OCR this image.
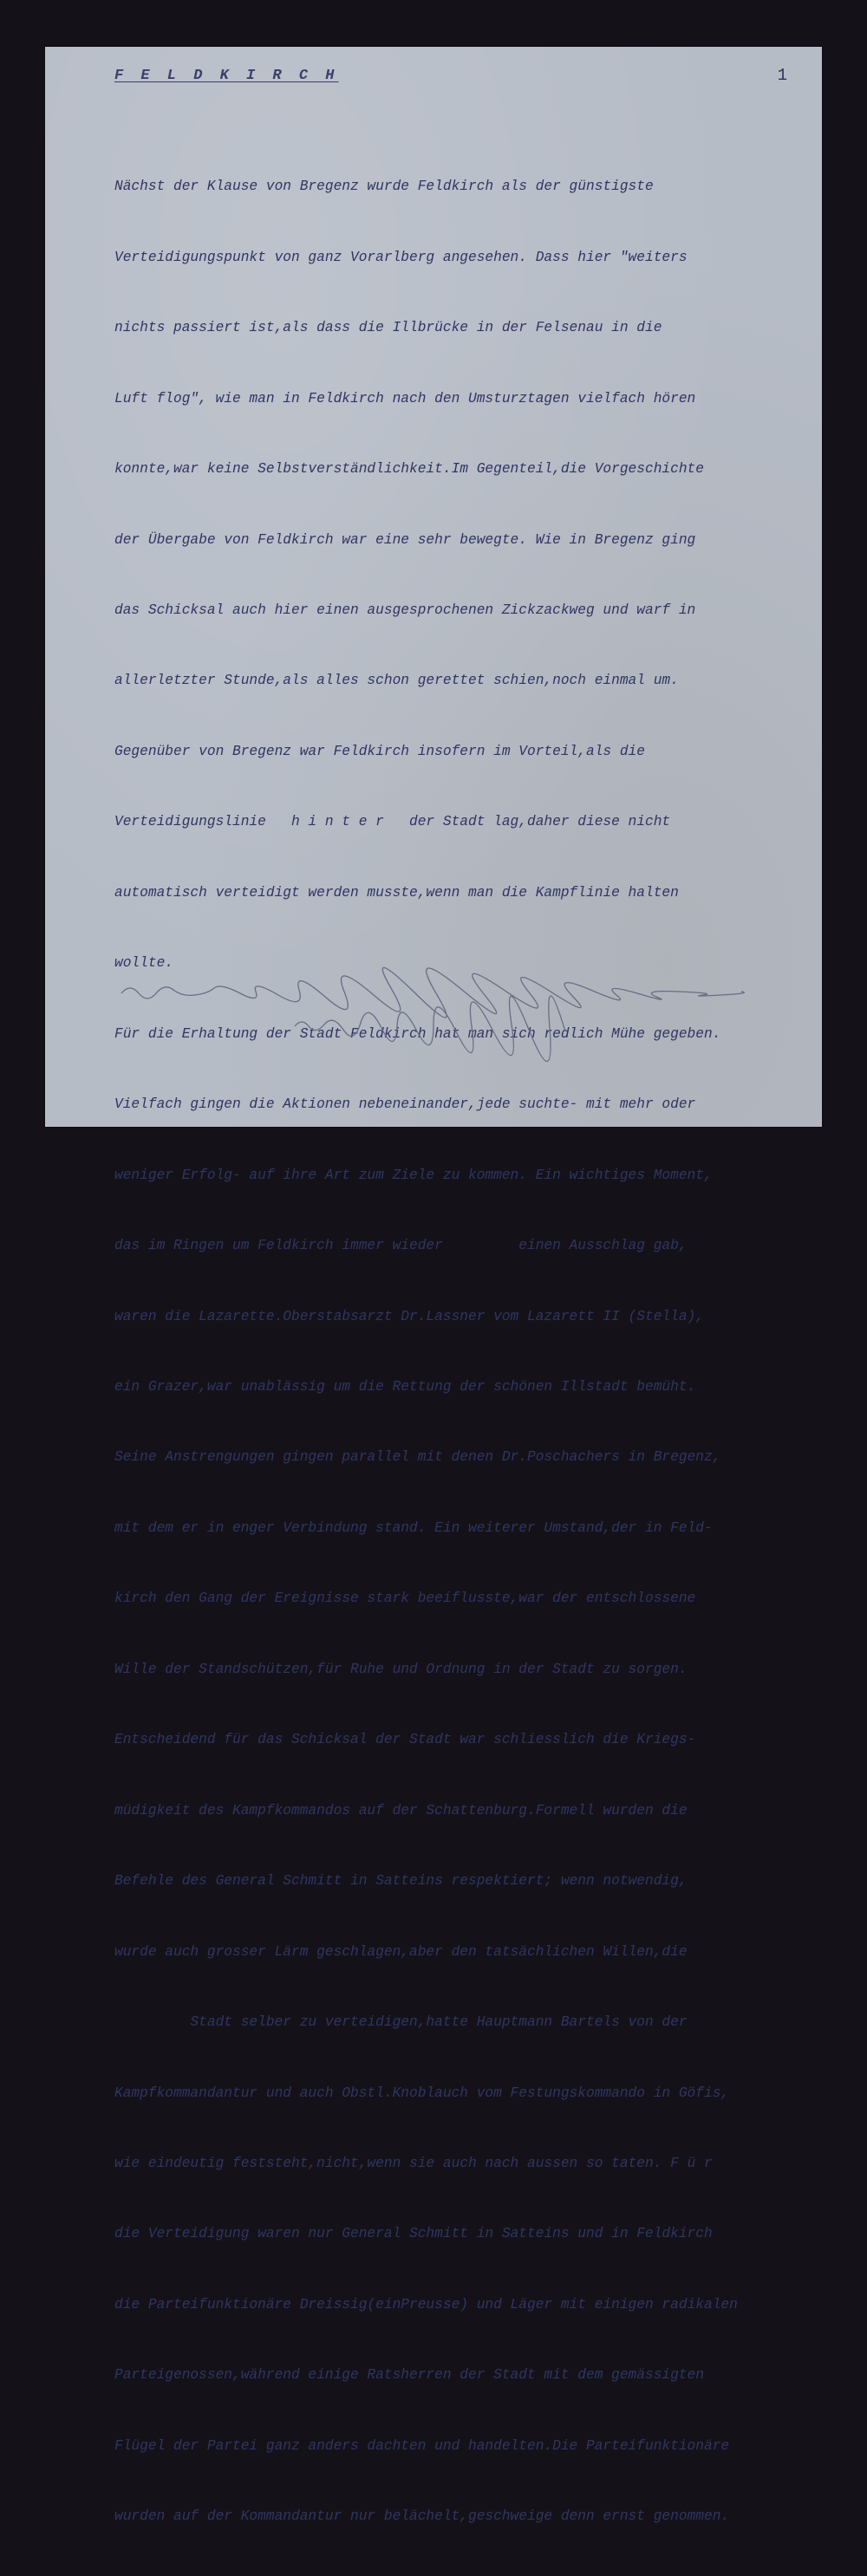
F E L D K I R C H	1

Nächst der Klause von Bregenz wurde Feldkirch als der günstigste

Verteidigungspunkt von ganz Vorarlberg angesehen. Dass hier "weiters

nichts passiert ist,als dass die Illbrücke in der Felsenau in die

Luft flog", wie man in Feldkirch nach den Umsturztagen vielfach hören

konnte,war keine Selbstverständlichkeit.Im Gegenteil,die Vorgeschichte

der Übergabe von Feldkirch war eine sehr bewegte. Wie in Bregenz ging

das Schicksal auch hier einen ausgesprochenen Zickzackweg und warf in

allerletzter Stunde,als alles schon gerettet schien,noch einmal um.

Gegenüber von Bregenz war Feldkirch insofern im Vorteil,als die

Verteidigungslinie   h i n t e r   der Stadt lag,daher diese nicht

automatisch verteidigt werden musste,wenn man die Kampflinie halten

wollte.

Für die Erhaltung der Stadt Feldkirch hat man sich redlich Mühe gegeben.

Vielfach gingen die Aktionen nebeneinander,jede suchte- mit mehr oder

weniger Erfolg- auf ihre Art zum Ziele zu kommen. Ein wichtiges Moment,

das im Ringen um Feldkirch immer wieder         einen Ausschlag gab,

waren die Lazarette.Oberstabsarzt Dr.Lassner vom Lazarett II (Stella),

ein Grazer,war unablässig um die Rettung der schönen Illstadt bemüht.

Seine Anstrengungen gingen parallel mit denen Dr.Poschachers in Bregenz,

mit dem er in enger Verbindung stand. Ein weiterer Umstand,der in Feld-

kirch den Gang der Ereignisse stark beeiflusste,war der entschlossene

Wille der Standschützen,für Ruhe und Ordnung in der Stadt zu sorgen.

Entscheidend für das Schicksal der Stadt war schliesslich die Kriegs-

müdigkeit des Kampfkommandos auf der Schattenburg.Formell wurden die

Befehle des General Schmitt in Satteins respektiert; wenn notwendig,

wurde auch grosser Lärm geschlagen,aber den tatsächlichen Willen,die

Stadt selber zu verteidigen,hatte Hauptmann Bartels von der

Kampfkommandantur und auch Obstl.Knoblauch vom Festungskommando in Göfis,

wie eindeutig feststeht,nicht,wenn sie auch nach aussen so taten. F ü r

die Verteidigung waren nur General Schmitt in Satteins und in Feldkirch

die Parteifunktionäre Dreissig(einPreusse) und Läger mit einigen radikalen

Parteigenossen,während einige Ratsherren der Stadt mit dem gemässigten

Flügel der Partei ganz anders dachten und handelten.Die Parteifunktionäre

wurden auf der Kommandantur nur belächelt,geschweige denn ernst genommen.
